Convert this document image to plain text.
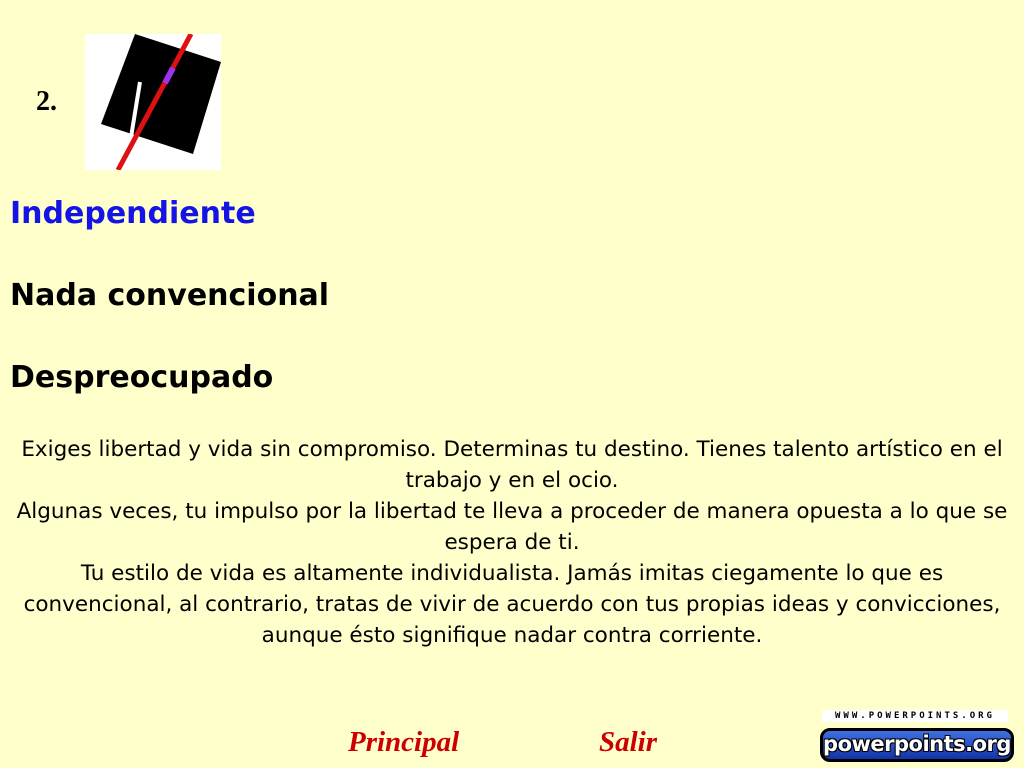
2.
Independiente
Nada convencional
Despreocupado

Exiges libertad y vida sin compromiso. Determinas tu destino. Tienes talento artístico en el trabajo y en el ocio.

Algunas veces, tu impulso por la libertad te lleva a proceder de manera opuesta a lo que se espera de ti.

Tu estilo de vida es altamente individualista. Jamás imitas ciegamente lo que es convencional, al contrario, tratas de vivir de acuerdo con tus propias ideas y convicciones, aunque ésto signifique nadar contra corriente.

Principal	Salir
WWW.POWERPOINTS.ORG
powerpoints.org
